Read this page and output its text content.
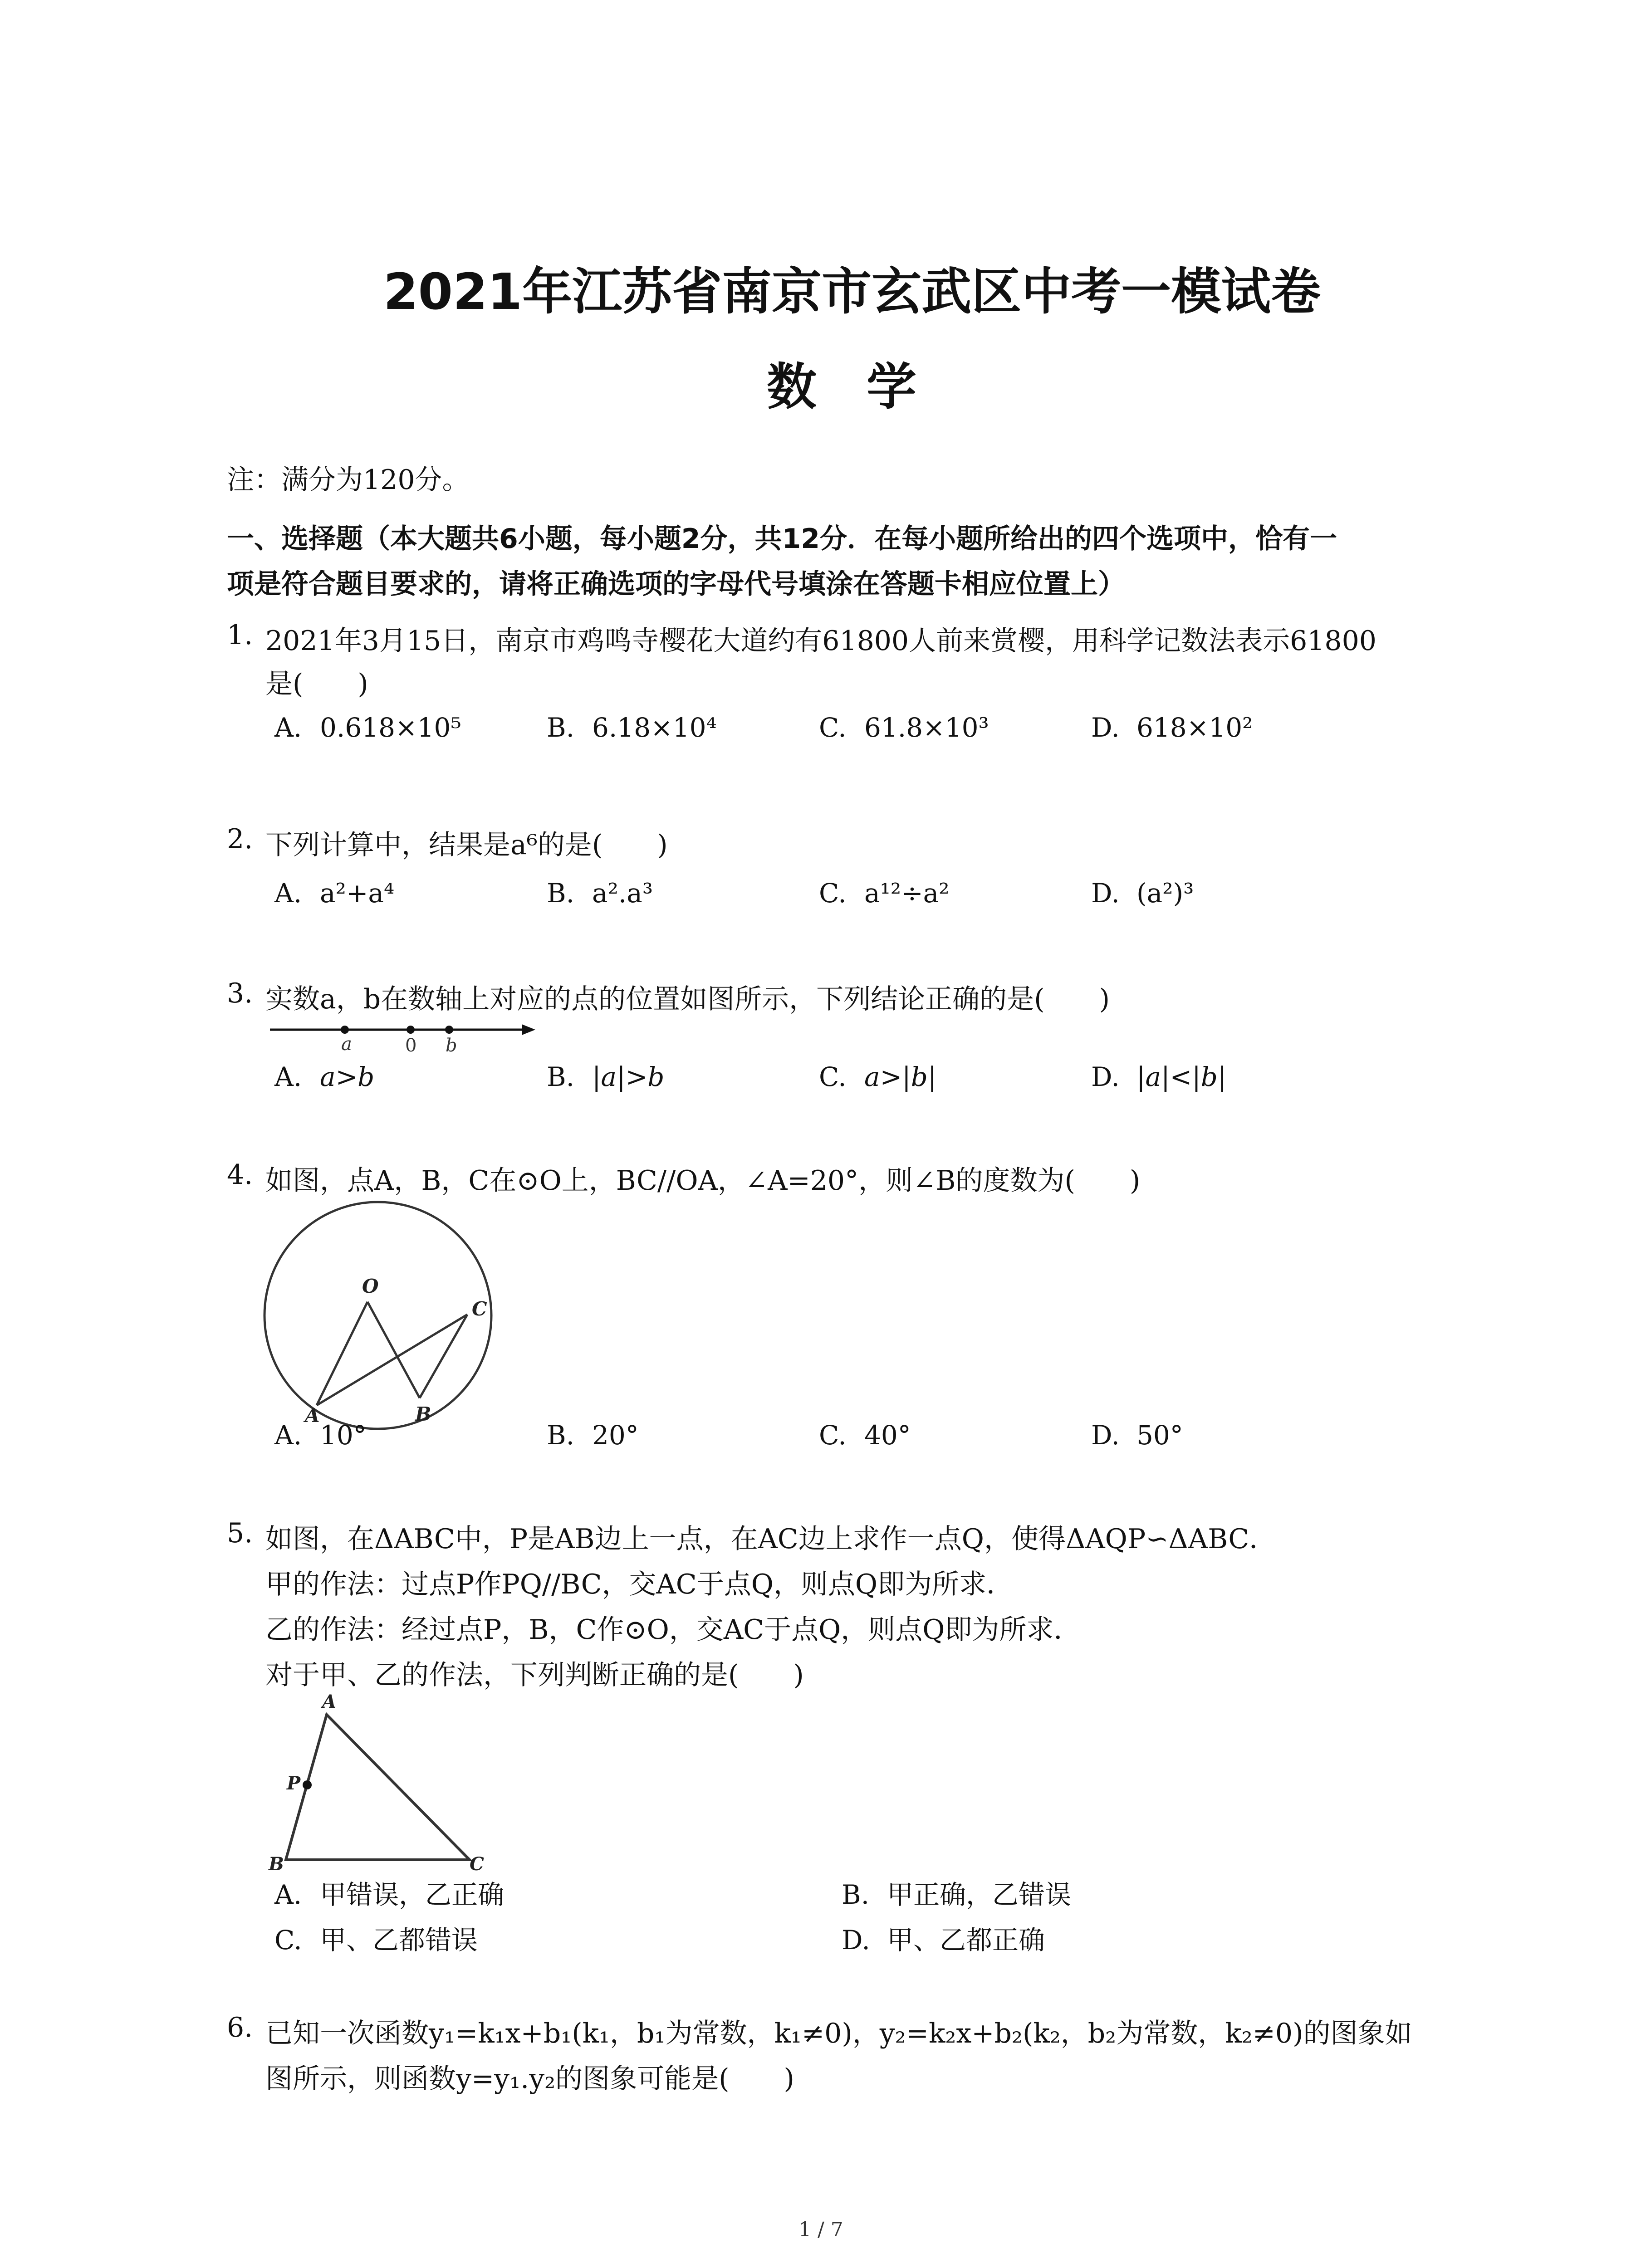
2021年江苏省南京市玄武区中考一模试卷
数　学
注：满分为120分。
一、选择题（本大题共6小题，每小题2分，共12分．在每小题所给出的四个选项中，恰有一
项是符合题目要求的，请将正确选项的字母代号填涂在答题卡相应位置上）
1. 2021年3月15日，南京市鸡鸣寺樱花大道约有61800人前来赏樱，用科学记数法表示61800
是(　　)
A. 0.618×10⁵	B. 6.18×10⁴	C. 61.8×10³	D. 618×10²
2. 下列计算中，结果是a⁶的是(　　)
A. a²+a⁴	B. a².a³	C. a¹²÷a²	D. (a²)³
3. 实数a，b在数轴上对应的点的位置如图所示，下列结论正确的是(　　)
a	0 b
A. a>b	B. |a|>b	C. a>|b|	D. |a|<|b|
4. 如图，点A，B，C在⊙O上，BC//OA，∠A=20°，则∠B的度数为(　　)
O
C
A	B
A. 10°	B. 20°	C. 40°	D. 50°
5. 如图，在ΔABC中，P是AB边上一点，在AC边上求作一点Q，使得ΔAQP∽ΔABC．
甲的作法：过点P作PQ//BC，交AC于点Q，则点Q即为所求．
乙的作法：经过点P，B，C作⊙O，交AC于点Q，则点Q即为所求．
对于甲、乙的作法，下列判断正确的是(　　)
A
P
B	C
A. 甲错误，乙正确	B. 甲正确，乙错误
C. 甲、乙都错误	D. 甲、乙都正确
6. 已知一次函数y₁=k₁x+b₁(k₁，b₁为常数，k₁≠0)，y₂=k₂x+b₂(k₂，b₂为常数，k₂≠0)的图象如
图所示，则函数y=y₁.y₂的图象可能是(　　)
1 / 7
